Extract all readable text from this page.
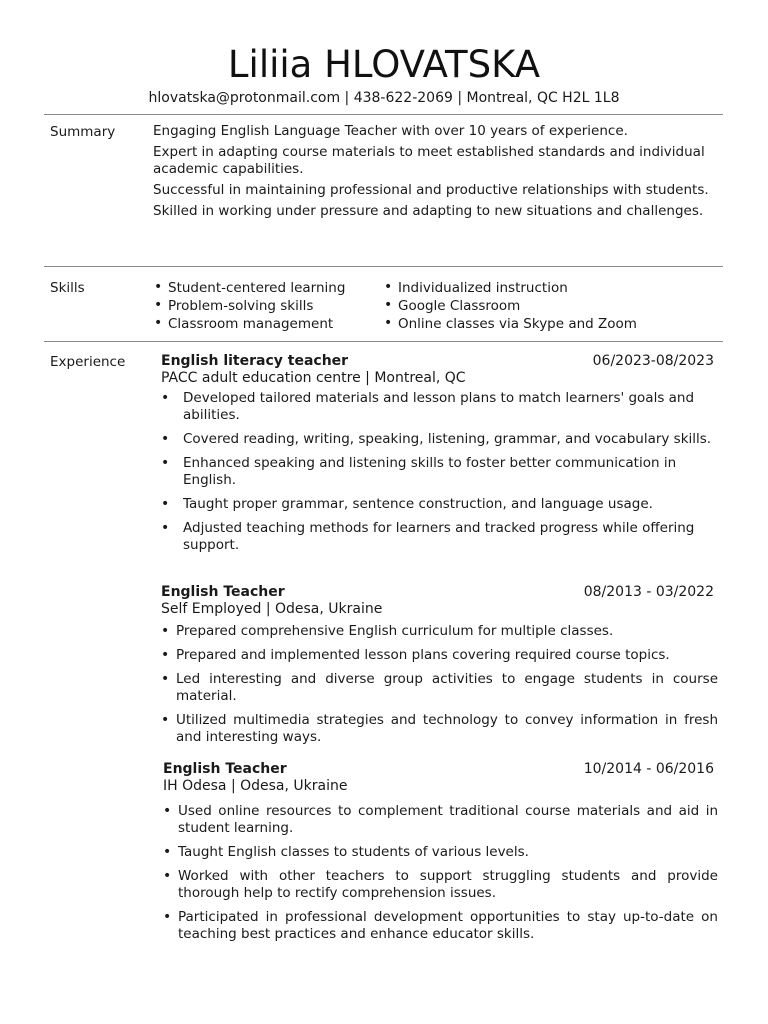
Liliia HLOVATSKA
hlovatska@protonmail.com | 438-622-2069 | Montreal, QC H2L 1L8
Summary	Engaging English Language Teacher with over 10 years of experience.

Expert in adapting course materials to meet established standards and individual academic capabilities.

Successful in maintaining professional and productive relationships with students.

Skilled in working under pressure and adapting to new situations and challenges.

Skills
•	Student-centered learning
• Problem-solving skills
• Classroom management
• Individualized instruction
• Google Classroom
• Online classes via Skype and Zoom
Experience	English literacy teacher	06/2023-08/2023
PACC adult education centre | Montreal, QC
• Developed tailored materials and lesson plans to match learners' goals and abilities.
• Covered reading, writing, speaking, listening, grammar, and vocabulary skills.
• Enhanced speaking and listening skills to foster better communication in English.
• Taught proper grammar, sentence construction, and language usage.
• Adjusted teaching methods for learners and tracked progress while offering support.
English Teacher	08/2013 - 03/2022
Self Employed | Odesa, Ukraine
• Prepared comprehensive English curriculum for multiple classes.
• Prepared and implemented lesson plans covering required course topics.
• Led interesting and diverse group activities to engage students in course material.
• Utilized multimedia strategies and technology to convey information in fresh and interesting ways.
English Teacher	10/2014 - 06/2016
IH Odesa | Odesa, Ukraine
• Used online resources to complement traditional course materials and aid in student learning.
• Taught English classes to students of various levels.
• Worked with other teachers to support struggling students and provide thorough help to rectify comprehension issues.
• Participated in professional development opportunities to stay up-to-date on teaching best practices and enhance educator skills.
